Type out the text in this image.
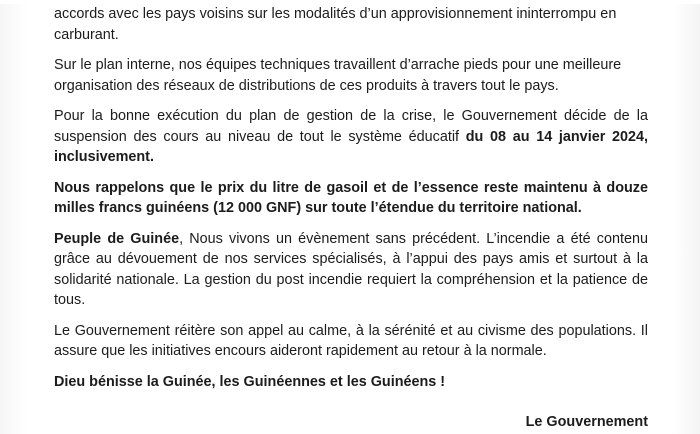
accords avec les pays voisins sur les modalités d’un approvisionnement ininterrompu en carburant.

Sur le plan interne, nos équipes techniques travaillent d’arrache pieds pour une meilleure organisation des réseaux de distributions de ces produits à travers tout le pays.

Pour la bonne exécution du plan de gestion de la crise, le Gouvernement décide de la suspension des cours au niveau de tout le système éducatif du 08 au 14 janvier 2024, inclusivement.

Nous rappelons que le prix du litre de gasoil et de l’essence reste maintenu à douze milles francs guinéens (12 000 GNF) sur toute l’étendue du territoire national.

Peuple de Guinée, Nous vivons un évènement sans précédent. L’incendie a été contenu grâce au dévouement de nos services spécialisés, à l’appui des pays amis et surtout à la solidarité nationale. La gestion du post incendie requiert la compréhension et la patience de tous.

Le Gouvernement réitère son appel au calme, à la sérénité et au civisme des populations. Il assure que les initiatives encours aideront rapidement au retour à la normale.

Dieu bénisse la Guinée, les Guinéennes et les Guinéens !

Le Gouvernement
